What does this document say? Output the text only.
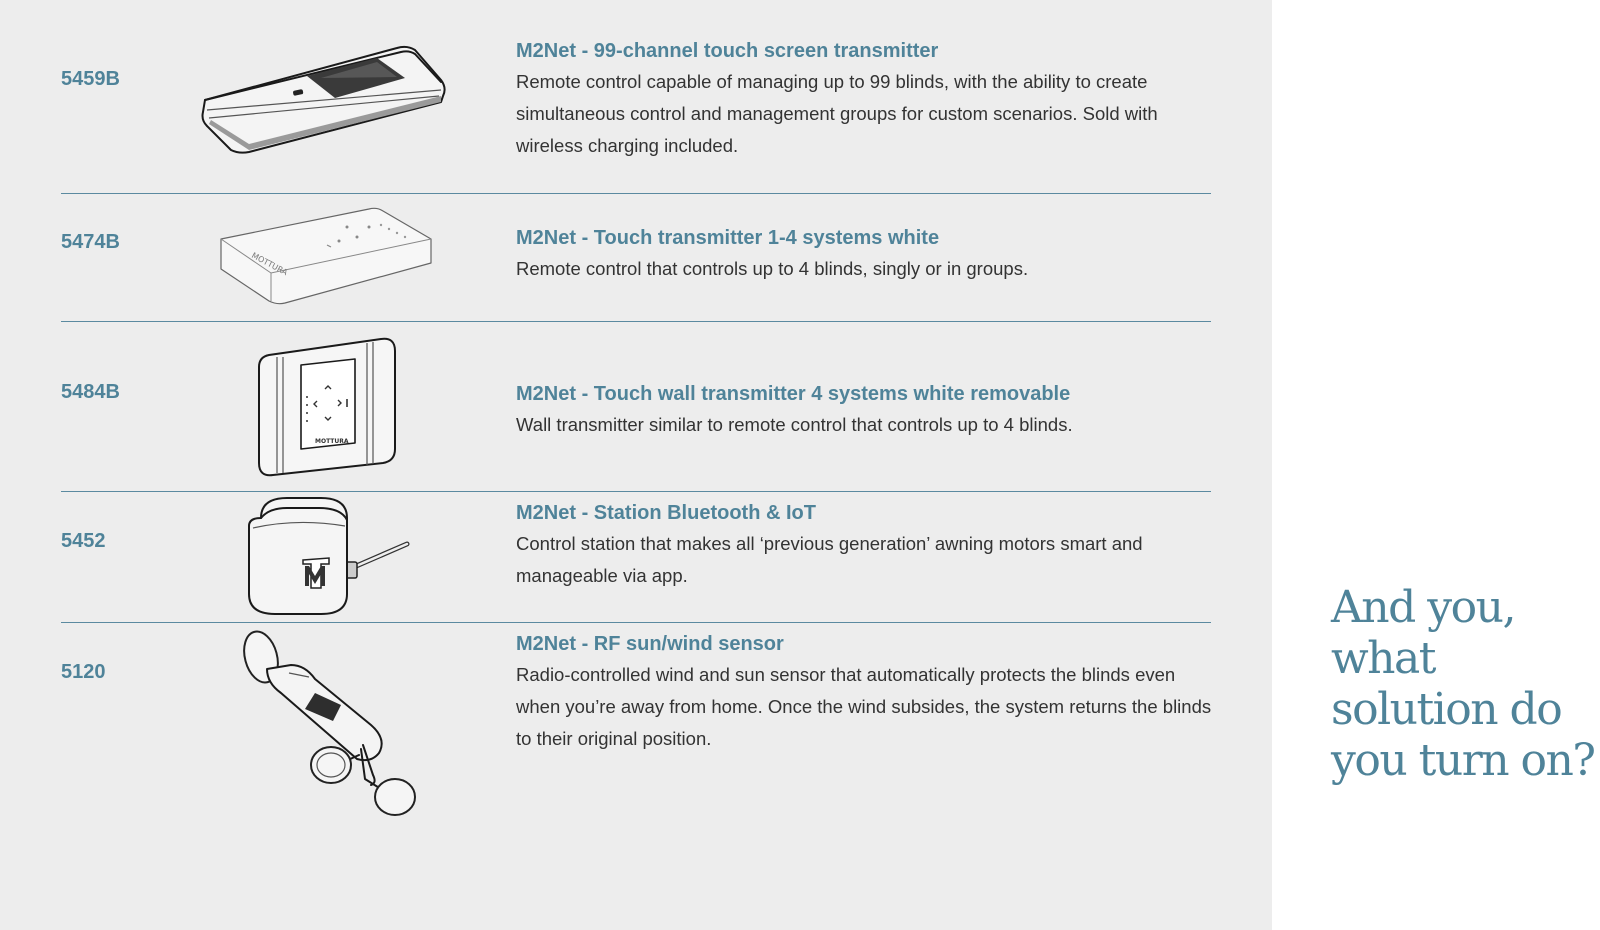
5459B

M2Net - 99-channel touch screen transmitter

Remote control capable of managing up to 99 blinds, with the ability to create simultaneous control and management groups for custom scenarios. Sold with wireless charging included.

5474B
MOTTURA

M2Net - Touch transmitter 1-4 systems white

Remote control that controls up to 4 blinds, singly or in groups.

5484B
MOTTURA

M2Net - Touch wall transmitter 4 systems white removable

Wall transmitter similar to remote control that controls up to 4 blinds.

5452

M2Net - Station Bluetooth & IoT

Control station that makes all ‘previous generation’ awning motors smart and manageable via app.

5120

M2Net - RF sun/wind sensor

Radio-controlled wind and sun sensor that automatically protects the blinds even when you’re away from home. Once the wind subsides, the system returns the blinds to their original position.

And you, what solution do you turn on?
